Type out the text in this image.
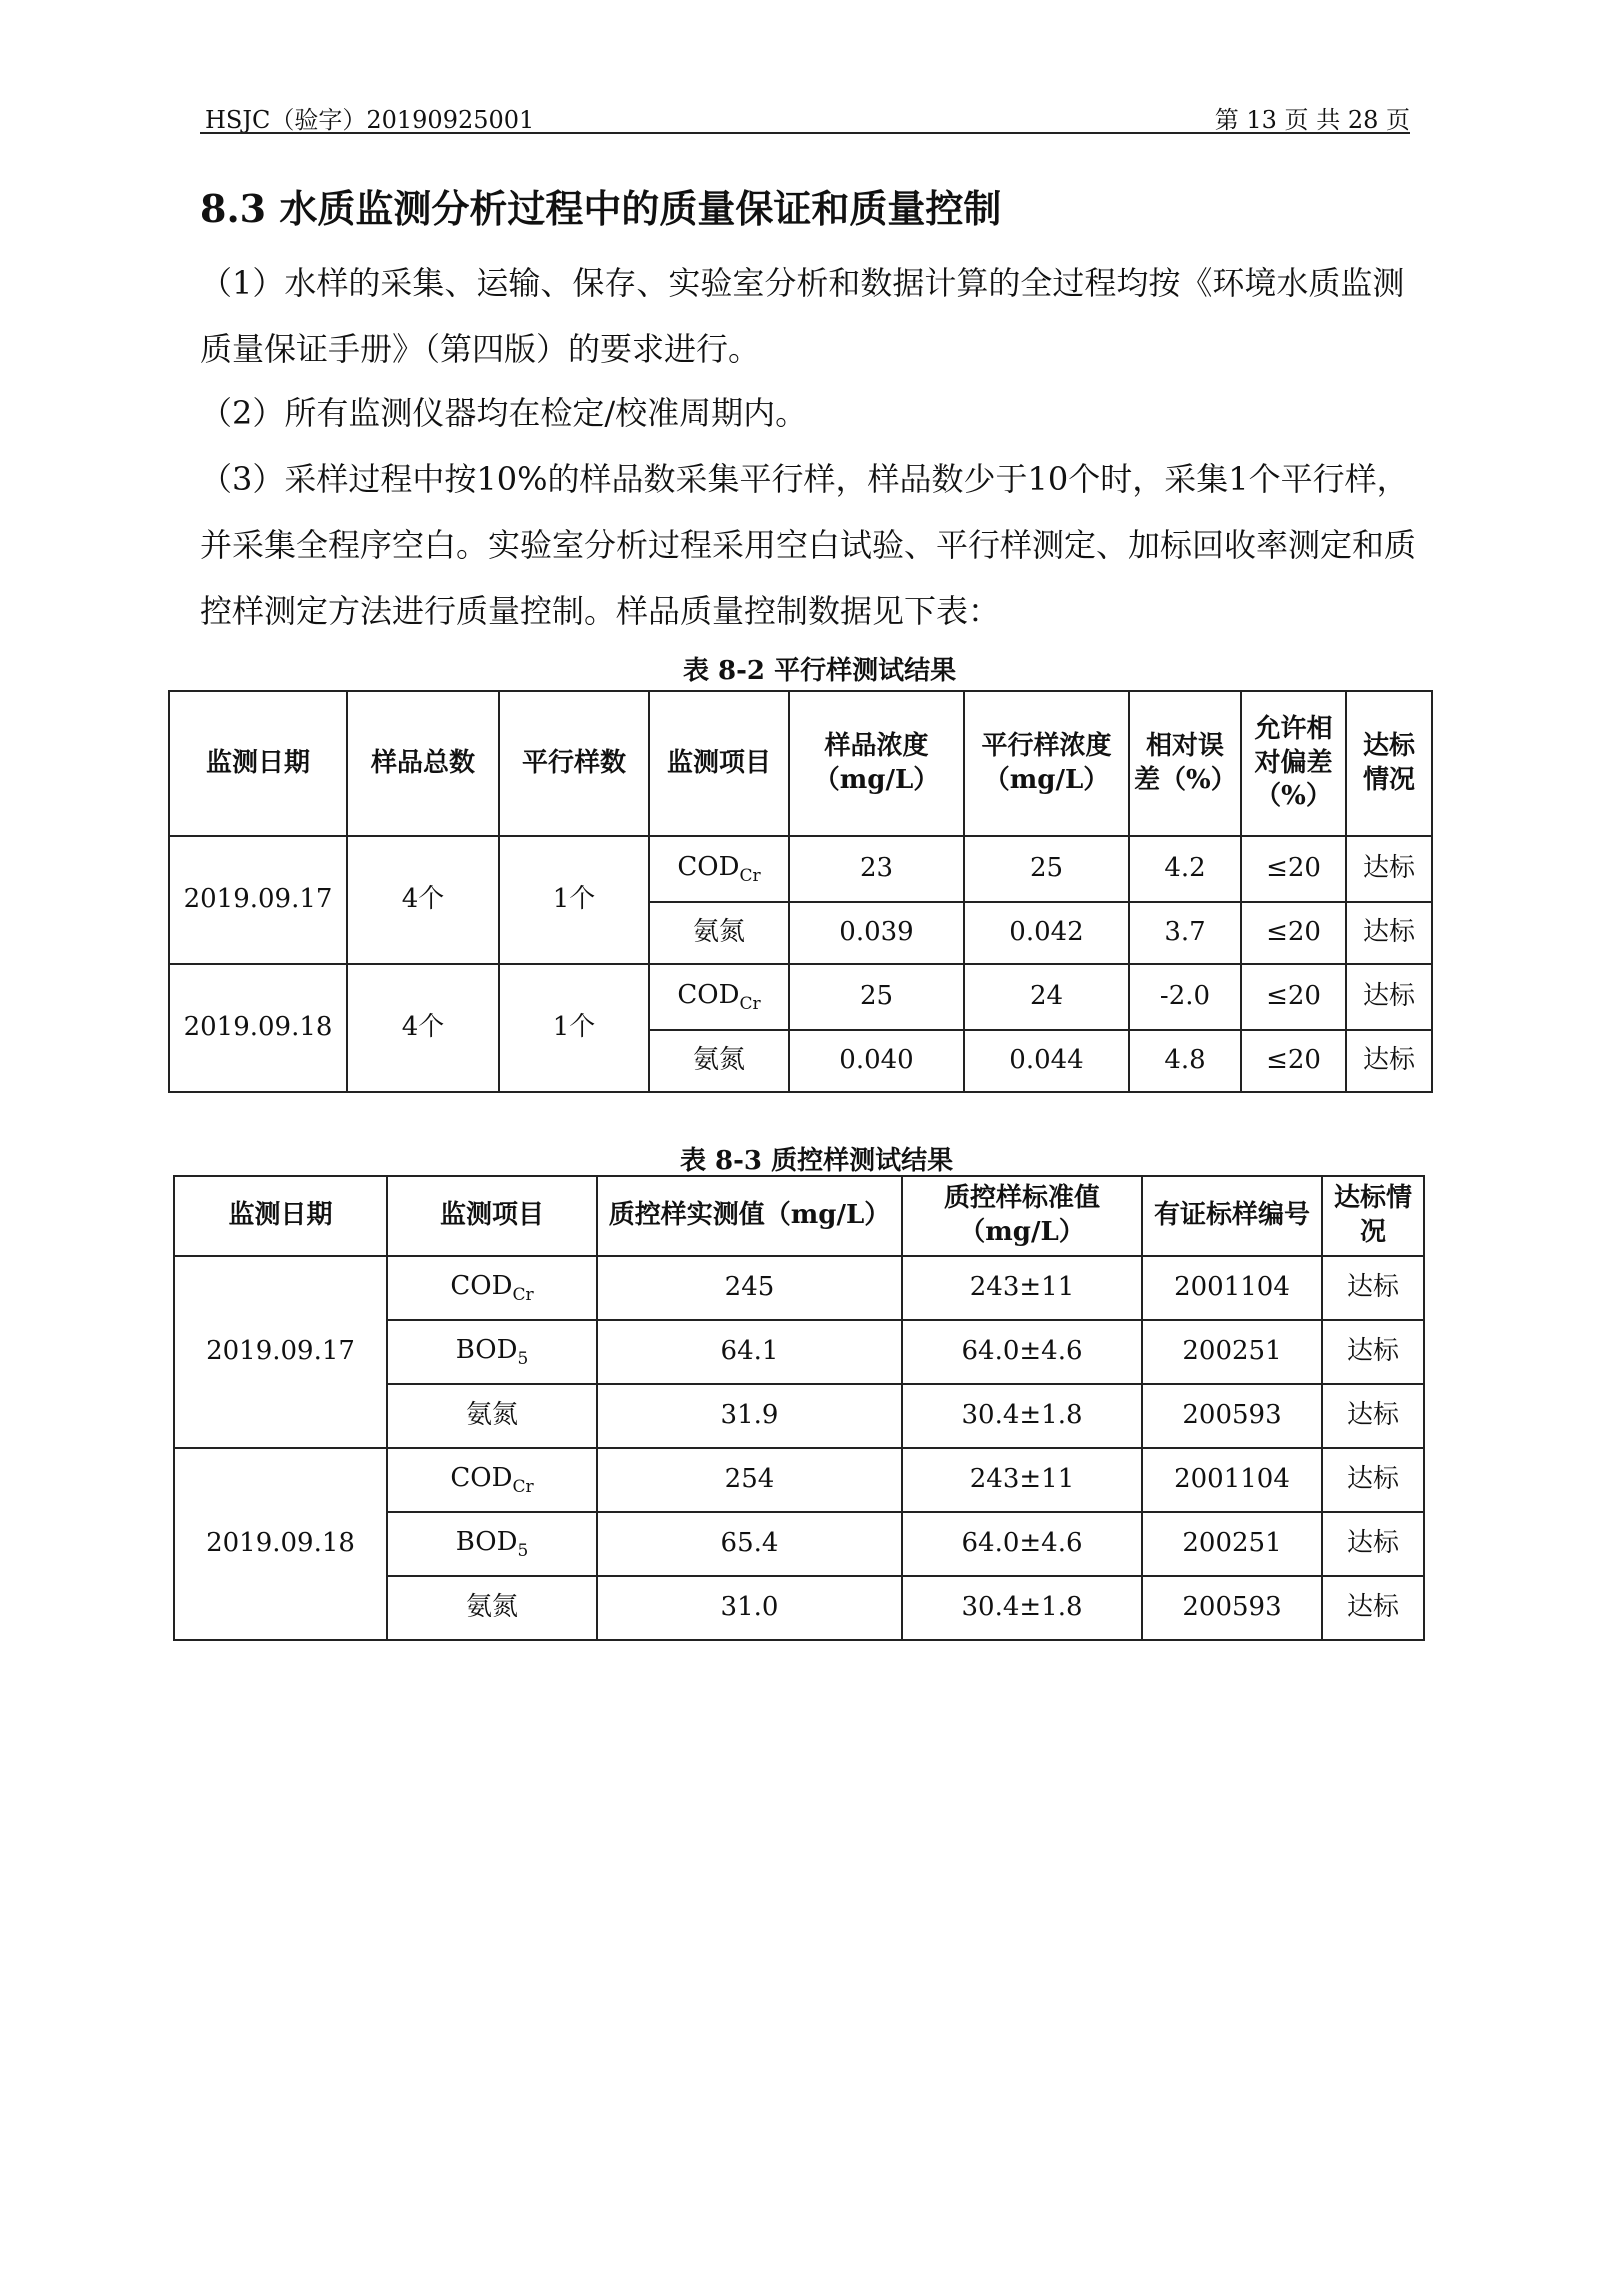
HSJC（验字）20190925001	第 13 页 共 28 页
8.3 水质监测分析过程中的质量保证和质量控制
（1）水样的采集、运输、保存、实验室分析和数据计算的全过程均按《环境水质监测质量保证手册》（第四版）的要求进行。
（2）所有监测仪器均在检定/校准周期内。
（3）采样过程中按10%的样品数采集平行样，样品数少于10个时，采集1个平行样，并采集全程序空白。实验室分析过程采用空白试验、平行样测定、加标回收率测定和质控样测定方法进行质量控制。样品质量控制数据见下表：
表 8-2 平行样测试结果
监测日期	样品总数	平行样数	监测项目	样品浓度（mg/L）	平行样浓度（mg/L）	相对误差（%）	允许相对偏差（%）	达标情况
2019.09.17	4个	1个	$COD_{Cr}$	23	25	4.2	≤20	达标
			氨氮	0.039	0.042	3.7	≤20	达标
2019.09.18	4个	1个	$COD_{Cr}$	25	24	-2.0	≤20	达标
			氨氮	0.040	0.044	4.8	≤20	达标
表 8-3 质控样测试结果
监测日期	监测项目	质控样实测值（mg/L）	质控样标准值（mg/L）	有证标样编号	达标情况
2019.09.17	$COD_{Cr}$	245	243±11	2001104	达标
	$BOD_5$	64.1	64.0±4.6	200251	达标
	氨氮	31.9	30.4±1.8	200593	达标
2019.09.18	$COD_{Cr}$	254	243±11	2001104	达标
	$BOD_5$	65.4	64.0±4.6	200251	达标
	氨氮	31.0	30.4±1.8	200593	达标
